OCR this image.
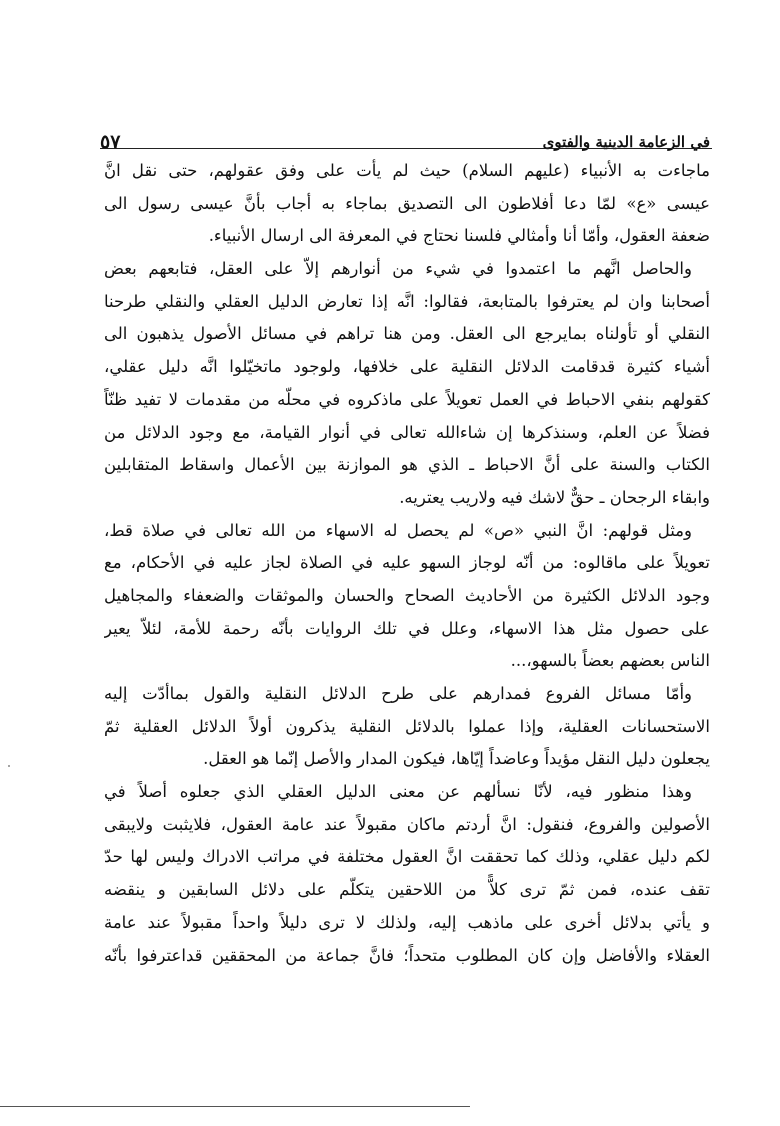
في الزعامة الدينية والفتوى
٥٧

ماجاءت به الأنبياء (عليهم السلام) حيث لم يأت على وفق عقولهم، حتى نقل انَّ
عيسى «ع» لمّا دعا أفلاطون الى التصديق بماجاء به أجاب بأنَّ عيسى رسول الى
ضعفة العقول، وأمّا أنا وأمثالي فلسنا نحتاج في المعرفة الى ارسال الأنبياء.

والحاصل انَّهم ما اعتمدوا في شيء من أنوارهم إلاّ على العقل، فتابعهم بعض
أصحابنا وان لم يعترفوا بالمتابعة، فقالوا: انَّه إذا تعارض الدليل العقلي والنقلي طرحنا
النقلي أو تأولناه بمايرجع الى العقل. ومن هنا تراهم في مسائل الأصول يذهبون الى
أشياء كثيرة قدقامت الدلائل النقلية على خلافها، ولوجود ماتخيّلوا انَّه دليل عقلي،
كقولهم بنفي الاحباط في العمل تعويلاً على ماذكروه في محلّه من مقدمات لا تفيد ظنّاً
فضلاً عن العلم، وسنذكرها إن شاءالله تعالى في أنوار القيامة، مع وجود الدلائل من
الكتاب والسنة على أنَّ الاحباط ـ الذي هو الموازنة بين الأعمال واسقاط المتقابلين
وابقاء الرجحان ـ حقٌّ لاشك فيه ولاريب يعتريه.

ومثل قولهم: انَّ النبي «ص» لم يحصل له الاسهاء من الله تعالى في صلاة قط،
تعويلاً على ماقالوه: من أنّه لوجاز السهو عليه في الصلاة لجاز عليه في الأحكام، مع
وجود الدلائل الكثيرة من الأحاديث الصحاح والحسان والموثقات والضعفاء والمجاهيل
على حصول مثل هذا الاسهاء، وعلل في تلك الروايات بأنّه رحمة للأمة، لئلاّ يعير
الناس بعضهم بعضاً بالسهو،...

وأمّا مسائل الفروع فمدارهم على طرح الدلائل النقلية والقول بماأدّت إليه
الاستحسانات العقلية، وإذا عملوا بالدلائل النقلية يذكرون أولاً الدلائل العقلية ثمّ
يجعلون دليل النقل مؤيداً وعاضداً إيّاها، فيكون المدار والأصل إنّما هو العقل.

وهذا منظور فيه، لأنّا نسألهم عن معنى الدليل العقلي الذي جعلوه أصلاً في
الأصولين والفروع، فنقول: انَّ أردتم ماكان مقبولاً عند عامة العقول، فلايثبت ولايبقى
لكم دليل عقلي، وذلك كما تحققت انَّ العقول مختلفة في مراتب الادراك وليس لها حدّ
تقف عنده، فمن ثمّ ترى كلاًّ من اللاحقين يتكلّم على دلائل السابقين و ينقضه
و يأتي بدلائل أخرى على ماذهب إليه، ولذلك لا ترى دليلاً واحداً مقبولاً عند عامة
العقلاء والأفاضل وإن كان المطلوب متحداً؛ فانَّ جماعة من المحققين قداعترفوا بأنّه
